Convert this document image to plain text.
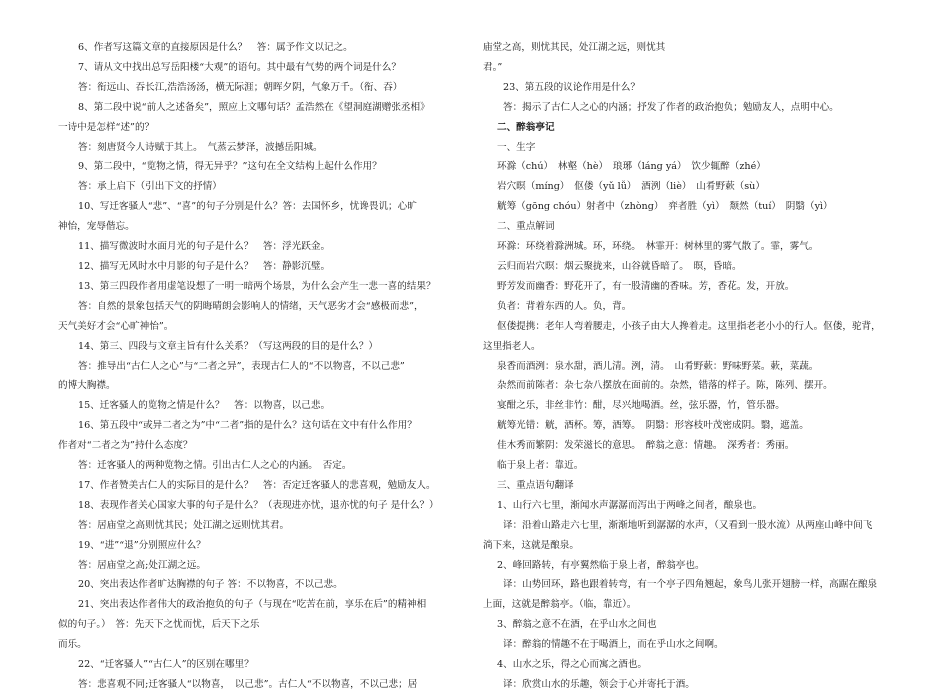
6、作者写这篇文章的直接原因是什么？　答：属予作文以记之。
7、请从文中找出总写岳阳楼“大观”的语句。其中最有气势的两个词是什么？
答：衔远山、吞长江,浩浩汤汤，横无际涯；朝晖夕阴，气象万千。（衔、吞）
8、第二段中说“前人之述备矣”，照应上文哪句话？孟浩然在《望洞庭湖赠张丞相》
一诗中是怎样“述”的？
答：刻唐贤今人诗赋于其上。　气蒸云梦泽，波撼岳阳城。
9、第二段中，“览物之情，得无异乎？”这句在全文结构上起什么作用？
答：承上启下（引出下文的抒情）
10、写迁客骚人“悲”、“喜”的句子分别是什么？答：去国怀乡，忧谗畏讥；心旷
神怡，宠辱偕忘。
11、描写微波时水面月光的句子是什么？　答：浮光跃金。
12、描写无风时水中月影的句子是什么？　答：静影沉璧。
13、第三四段作者用虚笔设想了一明一暗两个场景，为什么会产生一悲一喜的结果？
答：自然的景象包括天气的阴晦晴朗会影响人的情绪，天气恶劣才会“感极而悲”，
天气美好才会“心旷神怡”。
14、第三、四段与文章主旨有什么关系？（写这两段的目的是什么？）
答：推导出“古仁人之心”与“二者之异”，表现古仁人的“不以物喜，不以己悲”
的博大胸襟。
15、迁客骚人的览物之情是什么？　答：以物喜，以己悲。
16、第五段中“或异二者之为”中“二者”指的是什么？这句话在文中有什么作用？
作者对“二者之为”持什么态度？
答：迁客骚人的两种览物之情。引出古仁人之心的内涵。　否定。
17、作者赞美古仁人的实际目的是什么？　答：否定迁客骚人的悲喜观，勉励友人。
18、表现作者关心国家大事的句子是什么？（表现进亦忧，退亦忧的句子 是什么？）
答：居庙堂之高则忧其民；处江湖之远则忧其君。
19、“进”“退”分别照应什么？
答：居庙堂之高;处江湖之远。
20、突出表达作者旷达胸襟的句子 答：不以物喜，不以己悲。
21、突出表达作者伟大的政治抱负的句子（与现在“吃苦在前，享乐在后”的精神相
似的句子。）　答：先天下之忧而忧，后天下之乐
而乐。
22、“迁客骚人”“古仁人”的区别在哪里？
答：悲喜观不同;迁客骚人“以物喜，　以己悲”。古仁人“不以物喜，不以己悲；居
庙堂之高，则忧其民，处江湖之远，则忧其
君。”
23、第五段的议论作用是什么？
答：揭示了古仁人之心的内涵；抒发了作者的政治抱负；勉励友人，点明中心。
二、醉翁亭记
一、生字
环滁（chú）　林壑（hè）　琅琊（láng yá）　饮少辄醉（zhé）
岩穴暝（míng）　伛偻（yǔ lǚ）　酒洌（liè）　山肴野蔌（sù）
觥筹（gōng chóu）射者中（zhòng）　弈者胜（yì）　颓然（tuí）　阴翳（yì）
二、重点解词
环滁：环绕着滁洲城。环，环绕。　林霏开：树林里的雾气散了。霏，雾气。
云归而岩穴暝：烟云聚拢来，山谷就昏暗了。　暝，昏暗。
野芳发而幽香：野花开了，有一股清幽的香味。芳，香花。发，开放。
负者：背着东西的人。负，背。
伛偻提携：老年人弯着腰走，小孩子由大人搀着走。这里指老老小小的行人。伛偻，驼背，
这里指老人。
泉香而酒洌：泉水甜，酒儿清。洌，清。　山肴野蔌：野味野菜。蔌，菜蔬。
杂然而前陈者：杂七杂八摆放在面前的。杂然，错落的样子。陈，陈列、摆开。
宴酣之乐，非丝非竹：酣，尽兴地喝酒。丝，弦乐器，竹，管乐器。
觥筹光错：觥，酒杯。筹，酒筹。　阴翳：形容枝叶茂密成阴。翳，遮盖。
佳木秀而繁阴：发荣滋长的意思。　醉翁之意：情趣。　深秀者：秀丽。
临于泉上者：靠近。
三、重点语句翻译
1、山行六七里，渐闻水声潺潺而泻出于两峰之间者，酿泉也。
译：沿着山路走六七里，渐渐地听到潺潺的水声，（又看到一股水流）从两座山峰中间飞
淌下来，这就是酿泉。
2、峰回路转，有亭翼然临于泉上者，醉翁亭也。
译：山势回环，路也跟着转弯，有一个亭子四角翘起，象鸟儿张开翅膀一样，高踞在酿泉
上面，这就是醉翁亭。（临，靠近）。
3、醉翁之意不在酒，在乎山水之间也
译：醉翁的情趣不在于喝酒上，而在乎山水之间啊。
4、山水之乐，得之心而寓之酒也。
译：欣赏山水的乐趣，领会于心并寄托于酒。
